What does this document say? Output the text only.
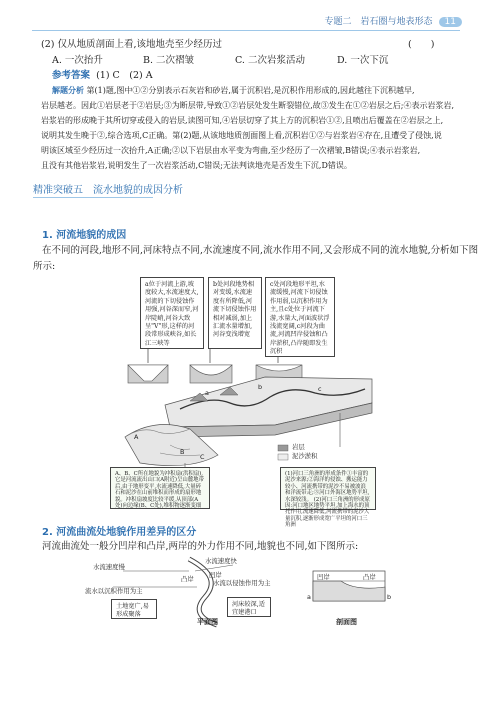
专题二　岩石圈与地表形态 11
(2) 仅从地质剖面上看,该地地壳至少经历过	(　　)
A. 一次抬升	B. 二次褶皱	C. 二次岩浆活动	D. 一次下沉
参考答案 (1) C　(2) A
解题分析 第(1)题,图中①②分别表示石灰岩和砂岩,属于沉积岩,是沉积作用形成的,因此越往下沉积越早,
岩层越老。因此①岩层老于②岩层;③为断层带,导致①②岩层处发生断裂错位,故③发生在①②岩层之后;④表示岩浆岩,
岩浆岩的形成晚于其所切穿或侵入的岩层,读图可知,④岩层切穿了其上方的沉积岩①②,且喷出后覆盖在②岩层之上,
说明其发生晚于②,综合选项,C正确。第(2)题,从该地地质剖面图上看,沉积岩①②与岩浆岩④存在,且遭受了侵蚀,说
明该区域至少经历过一次抬升,A正确;②以下岩层由水平变为弯曲,至少经历了一次褶皱,B错误;④表示岩浆岩,
且没有其他岩浆岩,说明发生了一次岩浆活动,C错误;无法判读地壳是否发生下沉,D错误。
精准突破五　流水地貌的成因分析
1. 河流地貌的成因
在不同的河段,地形不同,河床特点不同,水流速度不同,流水作用不同,又会形成不同的流水地貌,分析如下图
所示:
a位于河流上游,坡度较大,水流速度大,河流的下切侵蚀作用强,河谷深而窄,河岸陡峭,河谷大致呈"V"形,这样的河段常形成峡谷,如长江三峡等
b处河段地势相对变缓,水流速度有所降低,河流下切侵蚀作用相对减弱,加上汇流水量增加,河谷变浅增宽
c处河段地形平坦,水流缓慢,河流下切侵蚀作用弱,以沉积作用为主,且c处位于河流下游,水量大,河面波状浮浅流宽阔,c河段为曲流,河流凹岸侵蚀和凸岸淤积,凸岸随即发生沉积
a
b	c
岩层
泥沙淤积
A
B
C
A、B、C所在地貌为冲积扇(洪积扇),它是河流流出山口(A附近)呈山麓地带后,由于地形变平,水流速降低,大量碎石和泥沙在山前堆积而形成的扇形地貌。冲积扇坡度比较平缓,从顶部(A处)向边缘(B、C处),堆积物逐渐变细
(1)河口三角洲的形成条件①丰富的泥沙来源;②海洋的侵蚀、搬运能力较小、河流携带的泥沙不易被波浪和洋流带走;③河口外海区地势平坦,水深较浅。 (2)河口三角洲的形成原因:河口地区地势平坦,加上海水的顶托作用,流速降低,河流携带的泥沙大量沉积,逐渐形成宽广平坦的河口三角洲
2. 河流曲流处地貌作用差异的区分
河流曲流处一般分凹岸和凸岸,两岸的外力作用不同,地貌也不同,如下图所示:
水流速度慢
水流速度快
凸岸 凹岸
水流以侵蚀作用为主
流水以沉积作用为主
土地宽广,易形成聚落
河床较深,适宜建港口
平面图	剖面图
凹岸	凸岸
a	b
